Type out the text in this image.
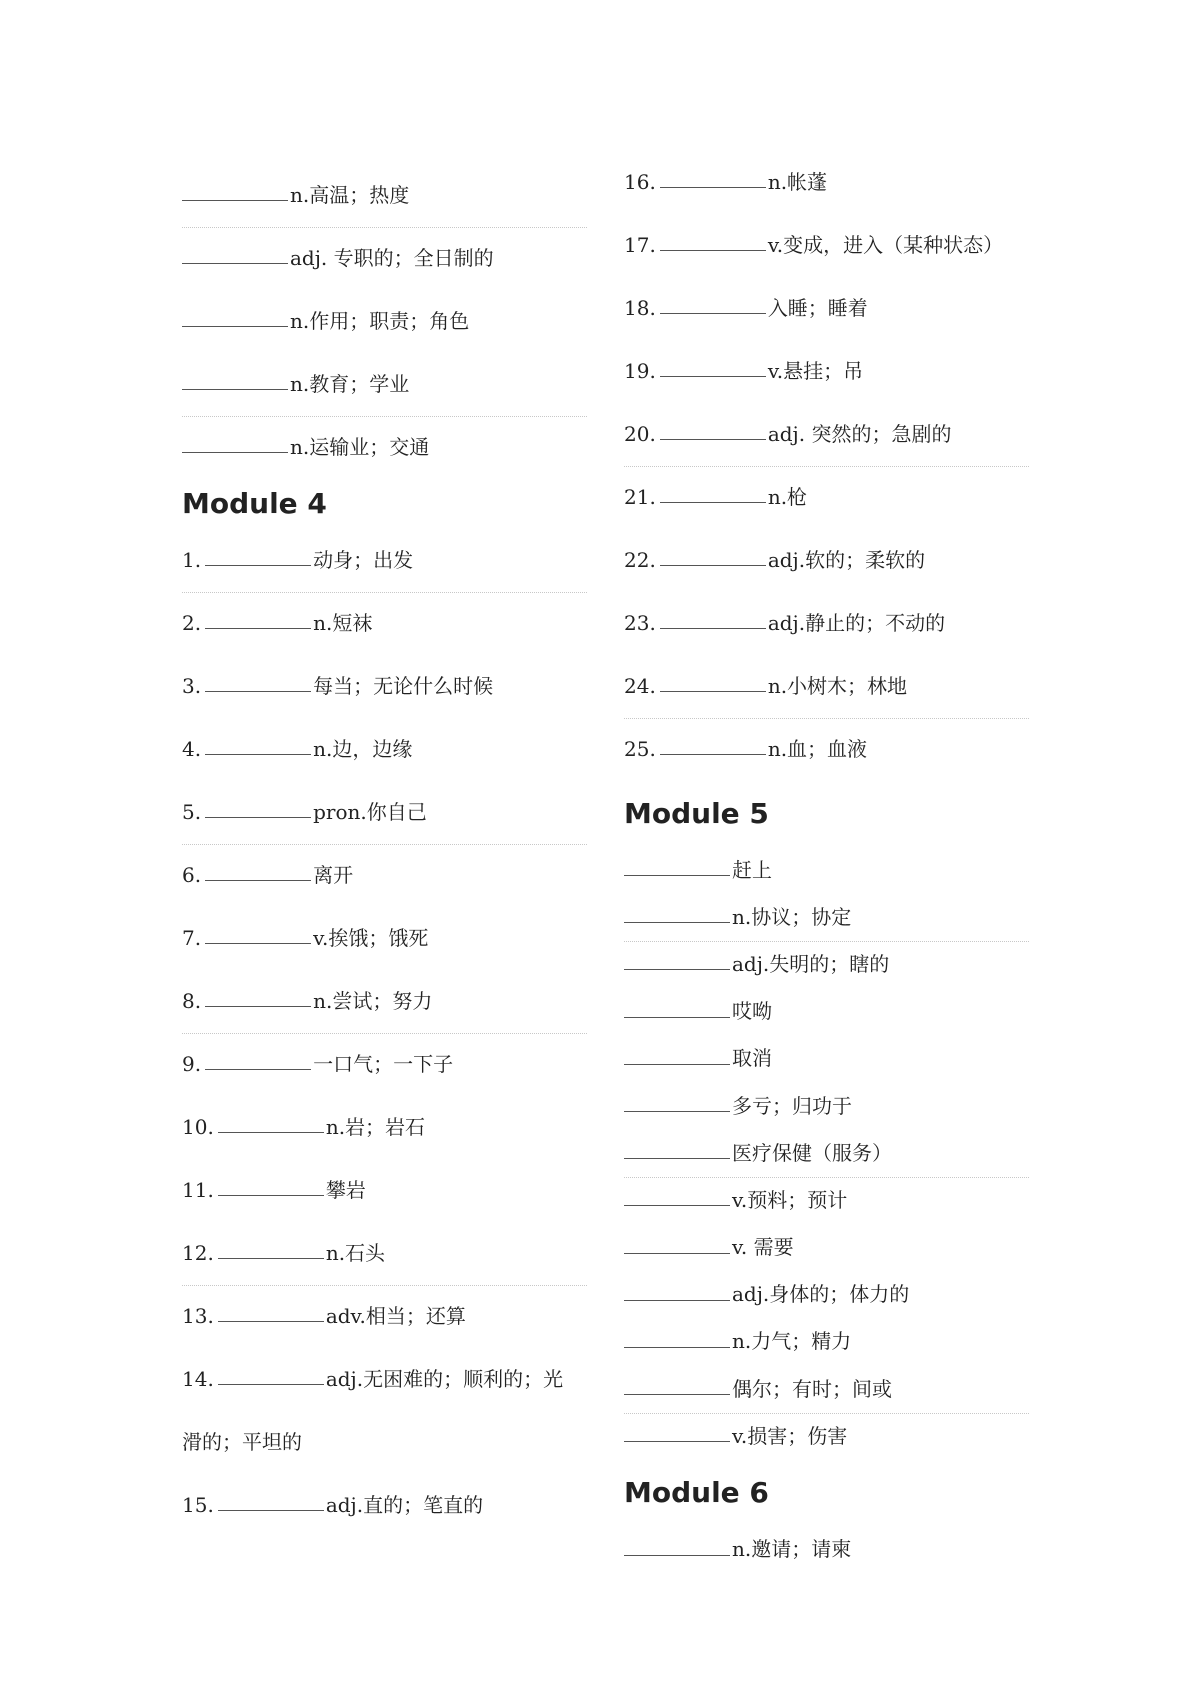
n.高温；热度
adj. 专职的；全日制的
n.作用；职责；角色
n.教育；学业
n.运输业；交通
Module 4
1.	动身；出发
2.	n.短袜
3.	每当；无论什么时候
4.	n.边，边缘
5.	pron.你自己
6.	离开
7.	v.挨饿；饿死
8.	n.尝试；努力
9.	一口气；一下子
10.	n.岩；岩石
11.	攀岩
12.	n.石头
13.	adv.相当；还算
14.	adj.无困难的；顺利的；光
滑的；平坦的
15.	adj.直的；笔直的
16.	n.帐蓬
17.	v.变成，进入（某种状态）
18.	入睡；睡着
19.	v.悬挂；吊
20.	adj. 突然的；急剧的
21.	n.枪
22.	adj.软的；柔软的
23.	adj.静止的；不动的
24.	n.小树木；林地
25.	n.血；血液
Module 5
赶上
n.协议；协定
adj.失明的；瞎的
哎呦
取消
多亏；归功于
医疗保健（服务）
v.预料；预计
v. 需要
adj.身体的；体力的
n.力气；精力
偶尔；有时；间或
v.损害；伤害
Module 6
n.邀请；请柬
